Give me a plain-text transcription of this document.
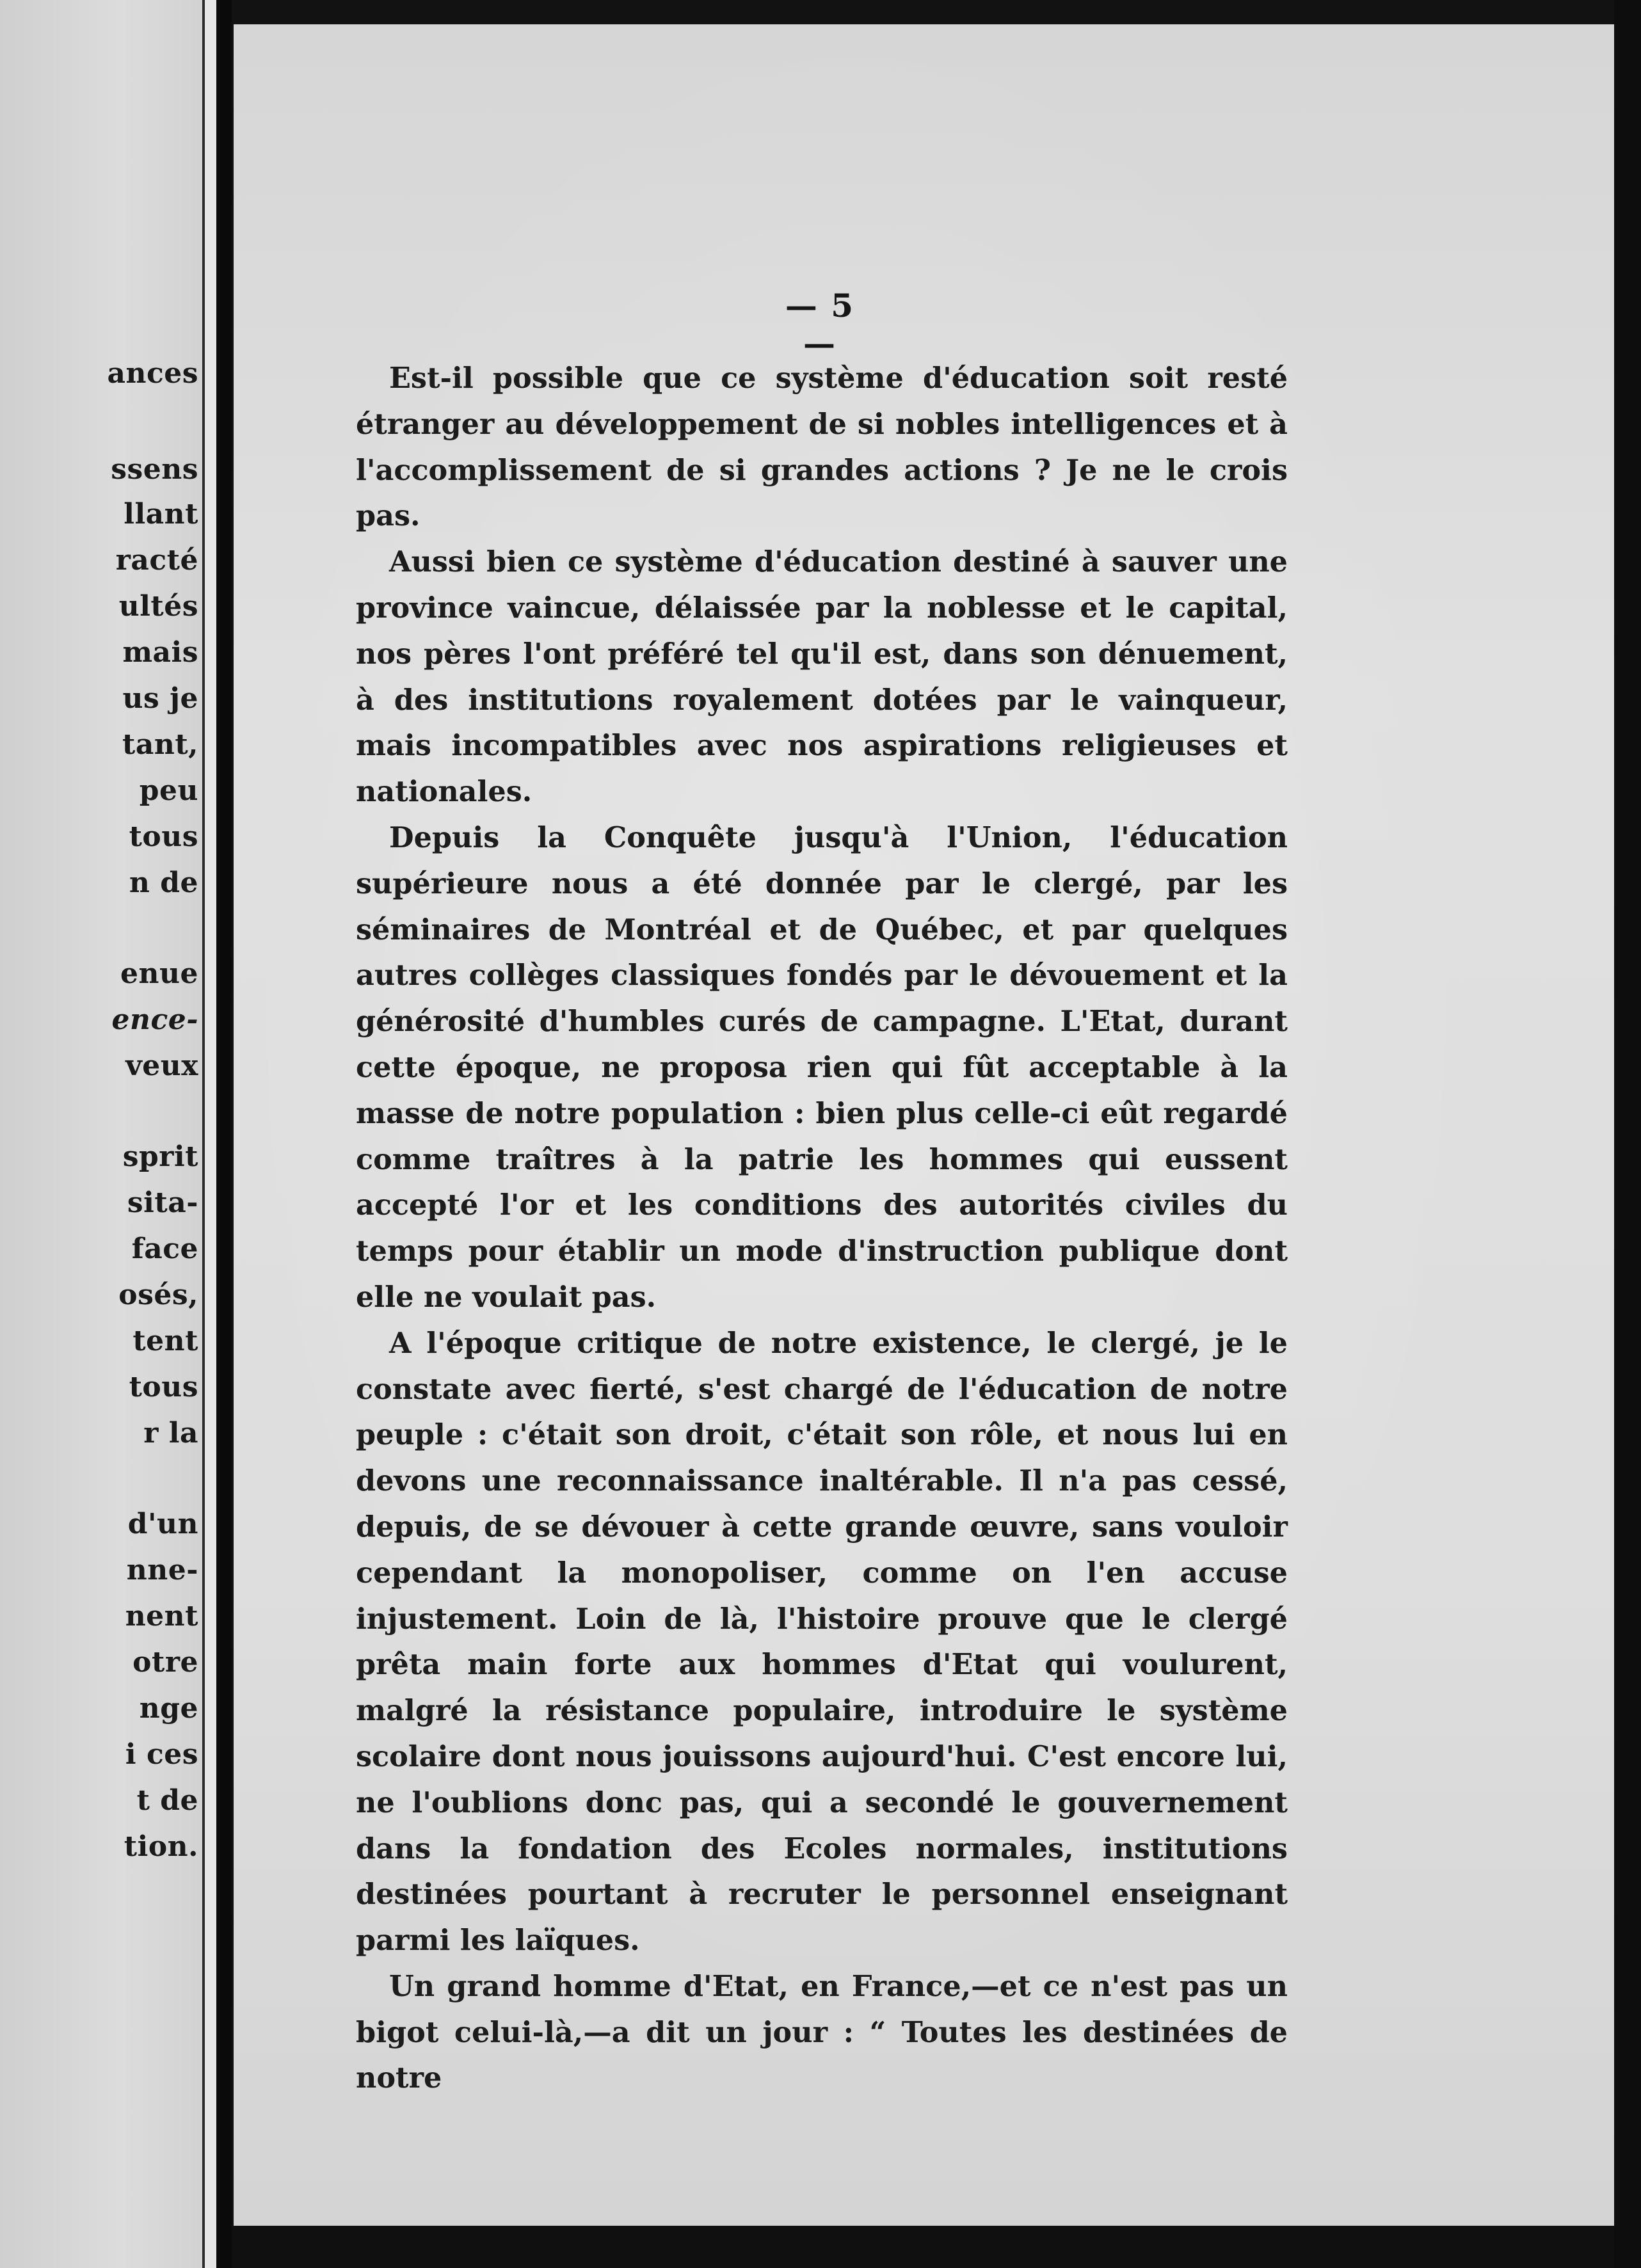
ances
ssens
llant
racté
ultés
mais
us je
tant,
peu
tous
n de
enue
ence-
veux
sprit
sita-
face
osés,
tent
tous
r la
d'un
nne-
nent
otre
nge
i ces
t de
tion.
— 5 —

Est-il possible que ce système d'éducation soit resté étranger au développement de si nobles intelligences et à l'accomplissement de si grandes actions ? Je ne le crois pas.

Aussi bien ce système d'éducation destiné à sauver une province vaincue, délaissée par la noblesse et le capital, nos pères l'ont préféré tel qu'il est, dans son dénuement, à des institutions royalement dotées par le vainqueur, mais incompatibles avec nos aspirations religieuses et nationales.

Depuis la Conquête jusqu'à l'Union, l'éducation supérieure nous a été donnée par le clergé, par les séminaires de Montréal et de Québec, et par quelques autres collèges classiques fondés par le dévouement et la générosité d'humbles curés de campagne. L'Etat, durant cette époque, ne proposa rien qui fût acceptable à la masse de notre population : bien plus celle-ci eût regardé comme traîtres à la patrie les hommes qui eussent accepté l'or et les conditions des autorités civiles du temps pour établir un mode d'instruction publique dont elle ne voulait pas.

A l'époque critique de notre existence, le clergé, je le constate avec fierté, s'est chargé de l'éducation de notre peuple : c'était son droit, c'était son rôle, et nous lui en devons une reconnaissance inaltérable. Il n'a pas cessé, depuis, de se dévouer à cette grande œuvre, sans vouloir cependant la monopoliser, comme on l'en accuse injustement. Loin de là, l'histoire prouve que le clergé prêta main forte aux hommes d'Etat qui voulurent, malgré la résistance populaire, introduire le système scolaire dont nous jouissons aujourd'hui. C'est encore lui, ne l'oublions donc pas, qui a secondé le gouvernement dans la fondation des Ecoles normales, institutions destinées pourtant à recruter le personnel enseignant parmi les laïques.

Un grand homme d'Etat, en France,—et ce n'est pas un bigot celui-là,—a dit un jour : “ Toutes les destinées de notre
